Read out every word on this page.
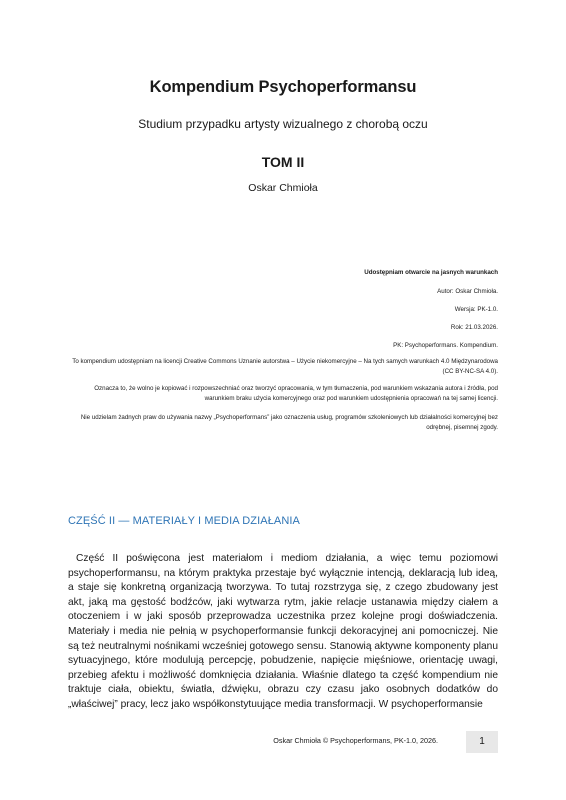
Kompendium Psychoperformansu
Studium przypadku artysty wizualnego z chorobą oczu
TOM II
Oskar Chmioła
Udostępniam otwarcie na jasnych warunkach
Autor: Oskar Chmioła.
Wersja: PK-1.0.
Rok: 21.03.2026.
PK: Psychoperformans. Kompendium.
To kompendium udostępniam na licencji Creative Commons Uznanie autorstwa – Użycie niekomercyjne – Na tych samych warunkach 4.0 Międzynarodowa (CC BY-NC-SA 4.0).
Oznacza to, że wolno je kopiować i rozpowszechniać oraz tworzyć opracowania, w tym tłumaczenia, pod warunkiem wskazania autora i źródła, pod warunkiem braku użycia komercyjnego oraz pod warunkiem udostępnienia opracowań na tej samej licencji.
Nie udzielam żadnych praw do używania nazwy „Psychoperformans” jako oznaczenia usług, programów szkoleniowych lub działalności komercyjnej bez odrębnej, pisemnej zgody.
CZĘŚĆ II — MATERIAŁY I MEDIA DZIAŁANIA
Część II poświęcona jest materiałom i mediom działania, a więc temu poziomowi psychoperformansu, na którym praktyka przestaje być wyłącznie intencją, deklaracją lub ideą, a staje się konkretną organizacją tworzywa. To tutaj rozstrzyga się, z czego zbudowany jest akt, jaką ma gęstość bodźców, jaki wytwarza rytm, jakie relacje ustanawia między ciałem a otoczeniem i w jaki sposób przeprowadza uczestnika przez kolejne progi doświadczenia. Materiały i media nie pełnią w psychoperformansie funkcji dekoracyjnej ani pomocniczej. Nie są też neutralnymi nośnikami wcześniej gotowego sensu. Stanowią aktywne komponenty planu sytuacyjnego, które modulują percepcję, pobudzenie, napięcie mięśniowe, orientację uwagi, przebieg afektu i możliwość domknięcia działania. Właśnie dlatego ta część kompendium nie traktuje ciała, obiektu, światła, dźwięku, obrazu czy czasu jako osobnych dodatków do „właściwej” pracy, lecz jako współkonstytuujące media transformacji. W psychoperformansie
Oskar Chmioła © Psychoperformans, PK-1.0, 2026.	1
